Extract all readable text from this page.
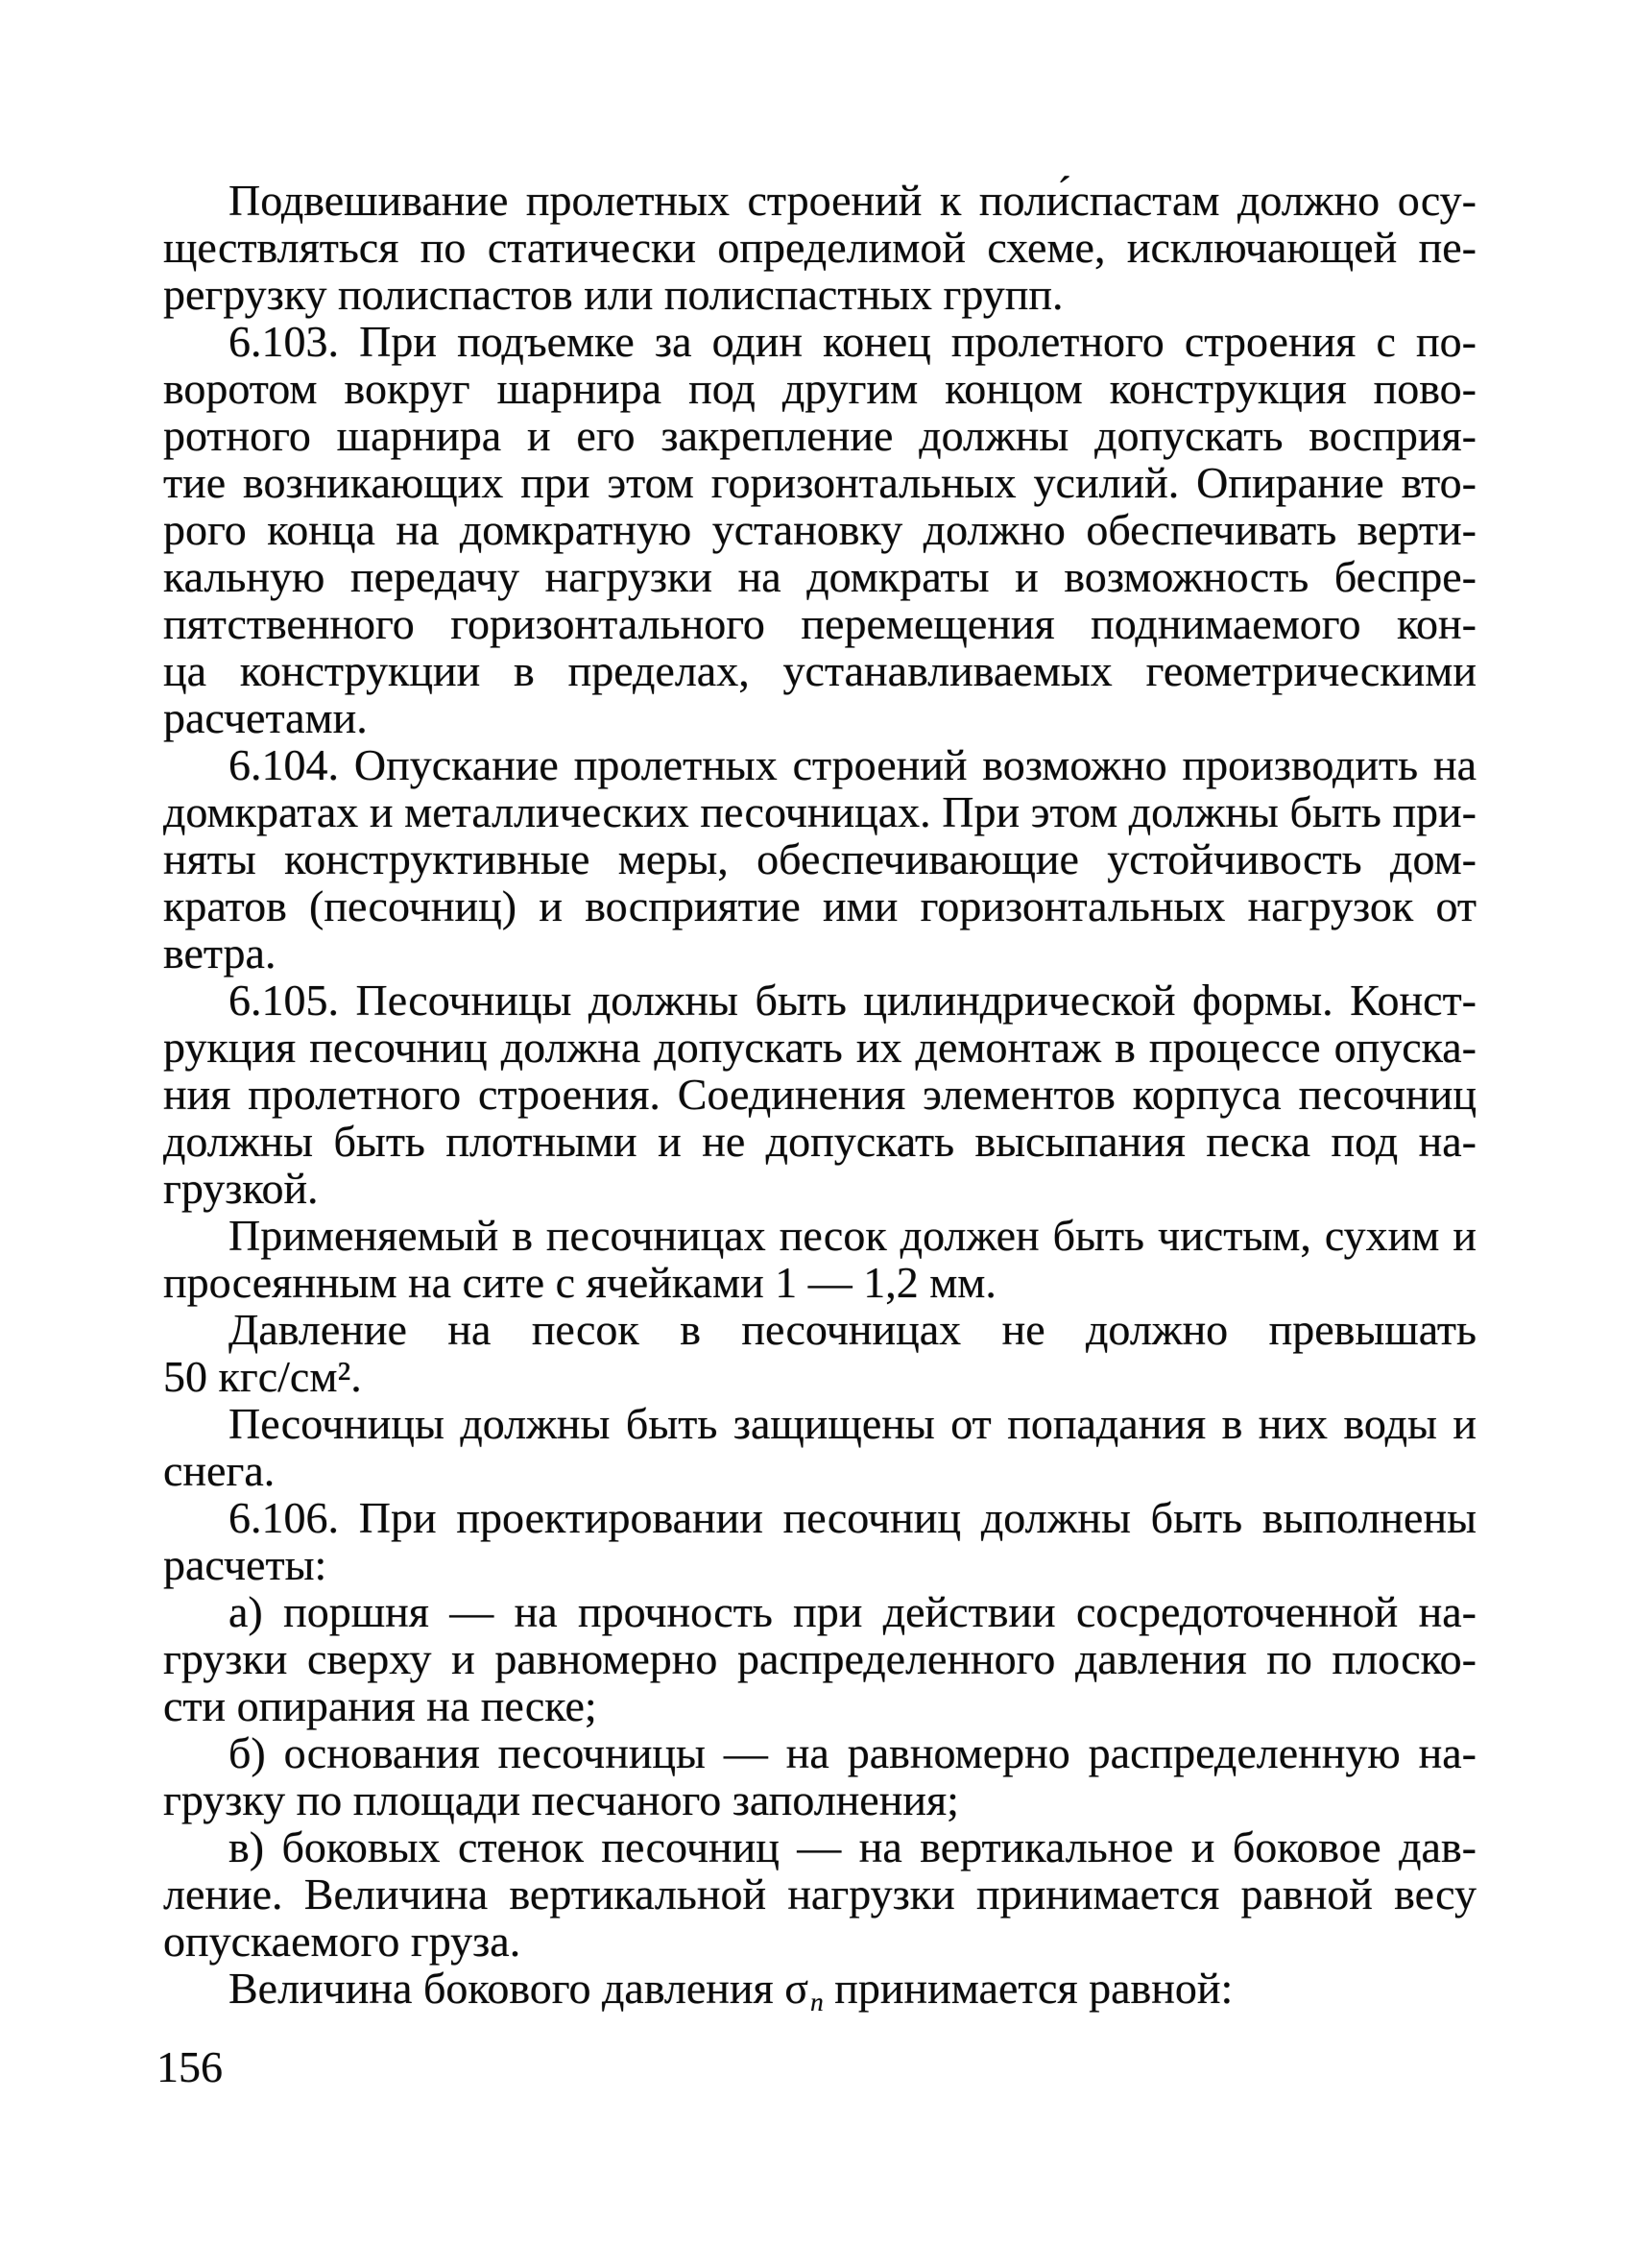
Подвешивание пролетных строений к поли́спастам должно осу-
ществляться по статически определимой схеме, исключающей пе-
регрузку полиспастов или полиспастных групп.
6.103. При подъемке за один конец пролетного строения с по-
воротом вокруг шарнира под другим концом конструкция пово-
ротного шарнира и его закрепление должны допускать восприя-
тие возникающих при этом горизонтальных усилий. Опирание вто-
рого конца на домкратную установку должно обеспечивать верти-
кальную передачу нагрузки на домкраты и возможность беспре-
пятственного горизонтального перемещения поднимаемого кон-
ца конструкции в пределах, устанавливаемых геометрическими
расчетами.
6.104. Опускание пролетных строений возможно производить на
домкратах и металлических песочницах. При этом должны быть при-
няты конструктивные меры, обеспечивающие устойчивость дом-
кратов (песочниц) и восприятие ими горизонтальных нагрузок от
ветра.
6.105. Песочницы должны быть цилиндрической формы. Конст-
рукция песочниц должна допускать их демонтаж в процессе опуска-
ния пролетного строения. Соединения элементов корпуса песочниц
должны быть плотными и не допускать высыпания песка под на-
грузкой.
Применяемый в песочницах песок должен быть чистым, сухим и
просеянным на сите с ячейками 1 — 1,2 мм.
Давление на песок в песочницах не должно превышать
50 кгс/см².
Песочницы должны быть защищены от попадания в них воды и
снега.
6.106. При проектировании песочниц должны быть выполнены
расчеты:
а) поршня — на прочность при действии сосредоточенной на-
грузки сверху и равномерно распределенного давления по плоско-
сти опирания на песке;
б) основания песочницы — на равномерно распределенную на-
грузку по площади песчаного заполнения;
в) боковых стенок песочниц — на вертикальное и боковое дав-
ление. Величина вертикальной нагрузки принимается равной весу
опускаемого груза.
Величина бокового давления σn принимается равной:
156
